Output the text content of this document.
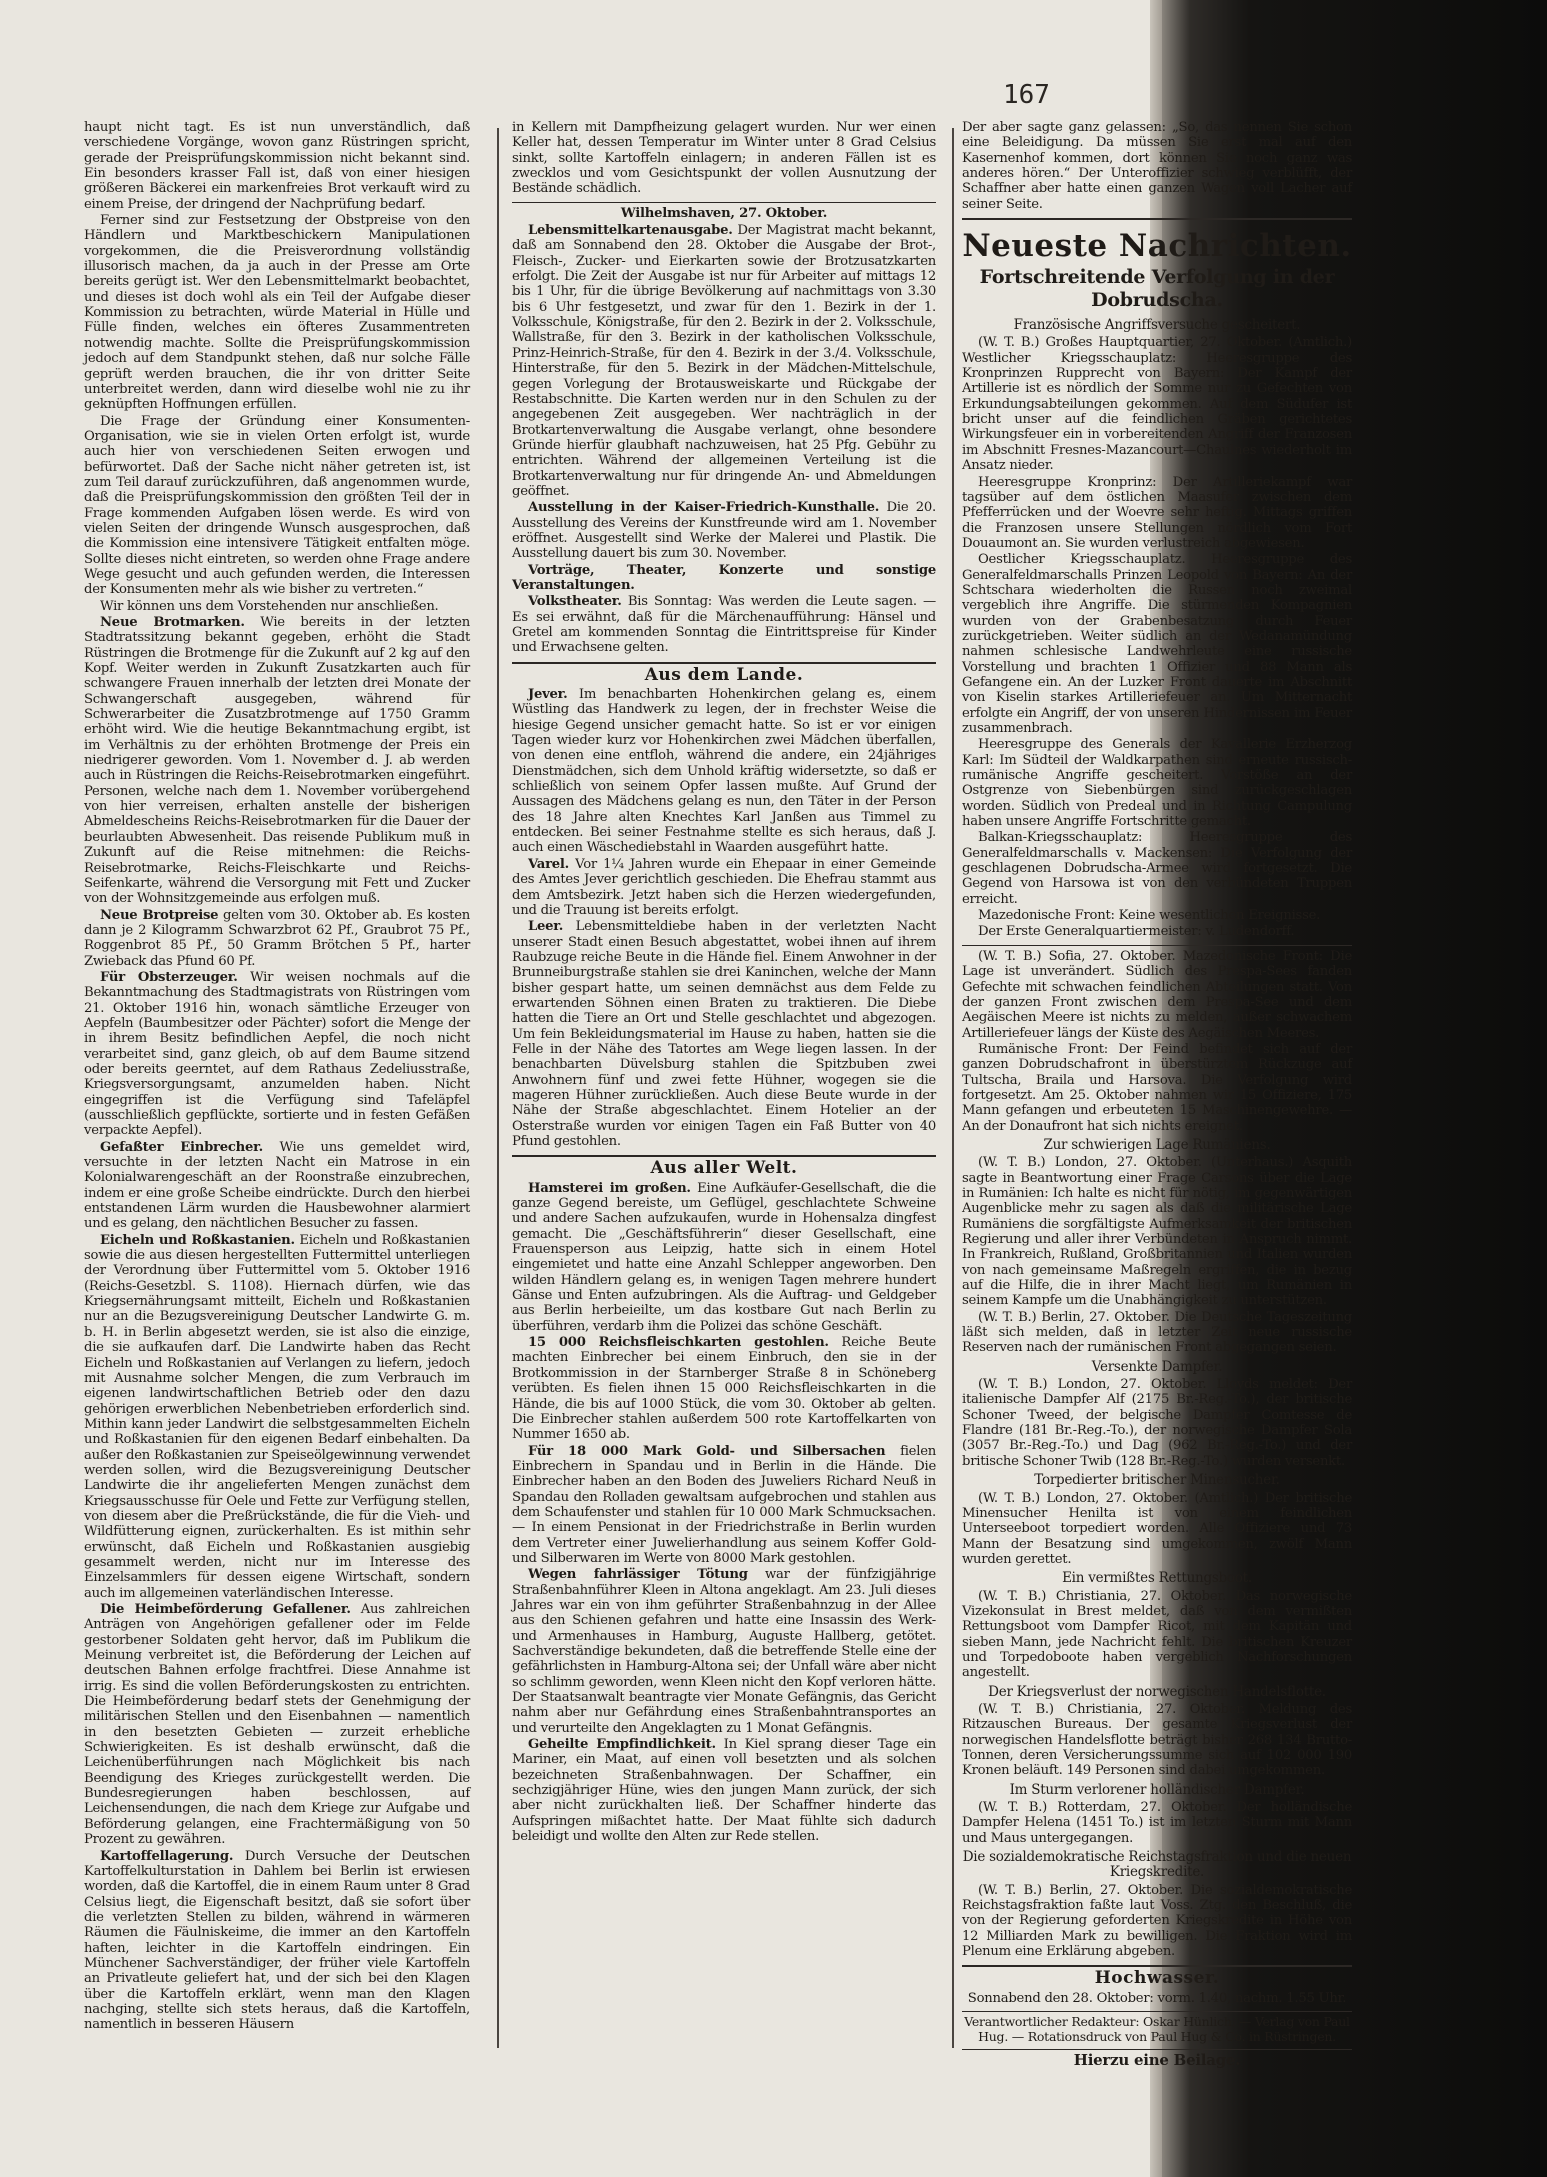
167

haupt nicht tagt. Es ist nun unverständlich, daß verschiedene Vorgänge, wovon ganz Rüstringen spricht, gerade der Preisprüfungskommission nicht bekannt sind. Ein besonders krasser Fall ist, daß von einer hiesigen größeren Bäckerei ein markenfreies Brot verkauft wird zu einem Preise, der dringend der Nachprüfung bedarf.

Ferner sind zur Festsetzung der Obstpreise von den Händlern und Marktbeschickern Manipulationen vorgekommen, die die Preisverordnung vollständig illusorisch machen, da ja auch in der Presse am Orte bereits gerügt ist. Wer den Lebensmittelmarkt beobachtet, und dieses ist doch wohl als ein Teil der Aufgabe dieser Kommission zu betrachten, würde Material in Hülle und Fülle finden, welches ein öfteres Zusammentreten notwendig machte. Sollte die Preisprüfungskommission jedoch auf dem Standpunkt stehen, daß nur solche Fälle geprüft werden brauchen, die ihr von dritter Seite unterbreitet werden, dann wird dieselbe wohl nie zu ihr geknüpften Hoffnungen erfüllen.

Die Frage der Gründung einer Konsumenten-Organisation, wie sie in vielen Orten erfolgt ist, wurde auch hier von verschiedenen Seiten erwogen und befürwortet. Daß der Sache nicht näher getreten ist, ist zum Teil darauf zurückzuführen, daß angenommen wurde, daß die Preisprüfungskommission den größten Teil der in Frage kommenden Aufgaben lösen werde. Es wird von vielen Seiten der dringende Wunsch ausgesprochen, daß die Kommission eine intensivere Tätigkeit entfalten möge. Sollte dieses nicht eintreten, so werden ohne Frage andere Wege gesucht und auch gefunden werden, die Interessen der Konsumenten mehr als wie bisher zu vertreten.“

Wir können uns dem Vorstehenden nur anschließen.

Neue Brotmarken. Wie bereits in der letzten Stadtratssitzung bekannt gegeben, erhöht die Stadt Rüstringen die Brotmenge für die Zukunft auf 2 kg auf den Kopf. Weiter werden in Zukunft Zusatzkarten auch für schwangere Frauen innerhalb der letzten drei Monate der Schwangerschaft ausgegeben, während für Schwerarbeiter die Zusatzbrotmenge auf 1750 Gramm erhöht wird. Wie die heutige Bekanntmachung ergibt, ist im Verhältnis zu der erhöhten Brotmenge der Preis ein niedrigerer geworden. Vom 1. November d. J. ab werden auch in Rüstringen die Reichs-Reisebrotmarken eingeführt. Personen, welche nach dem 1. November vorübergehend von hier verreisen, erhalten anstelle der bisherigen Abmeldescheins Reichs-Reisebrotmarken für die Dauer der beurlaubten Abwesenheit. Das reisende Publikum muß in Zukunft auf die Reise mitnehmen: die Reichs-Reisebrotmarke, Reichs-Fleischkarte und Reichs-Seifenkarte, während die Versorgung mit Fett und Zucker von der Wohnsitzgemeinde aus erfolgen muß.

Neue Brotpreise gelten vom 30. Oktober ab. Es kosten dann je 2 Kilogramm Schwarzbrot 62 Pf., Graubrot 75 Pf., Roggenbrot 85 Pf., 50 Gramm Brötchen 5 Pf., harter Zwieback das Pfund 60 Pf.

Für Obsterzeuger. Wir weisen nochmals auf die Bekanntmachung des Stadtmagistrats von Rüstringen vom 21. Oktober 1916 hin, wonach sämtliche Erzeuger von Aepfeln (Baumbesitzer oder Pächter) sofort die Menge der in ihrem Besitz befindlichen Aepfel, die noch nicht verarbeitet sind, ganz gleich, ob auf dem Baume sitzend oder bereits geerntet, auf dem Rathaus Zedeliusstraße, Kriegsversorgungsamt, anzumelden haben. Nicht eingegriffen ist die Verfügung sind Tafeläpfel (ausschließlich gepflückte, sortierte und in festen Gefäßen verpackte Aepfel).

Gefaßter Einbrecher. Wie uns gemeldet wird, versuchte in der letzten Nacht ein Matrose in ein Kolonialwarengeschäft an der Roonstraße einzubrechen, indem er eine große Scheibe eindrückte. Durch den hierbei entstandenen Lärm wurden die Hausbewohner alarmiert und es gelang, den nächtlichen Besucher zu fassen.

Eicheln und Roßkastanien. Eicheln und Roßkastanien sowie die aus diesen hergestellten Futtermittel unterliegen der Verordnung über Futtermittel vom 5. Oktober 1916 (Reichs-Gesetzbl. S. 1108). Hiernach dürfen, wie das Kriegsernährungsamt mitteilt, Eicheln und Roßkastanien nur an die Bezugsvereinigung Deutscher Landwirte G. m. b. H. in Berlin abgesetzt werden, sie ist also die einzige, die sie aufkaufen darf. Die Landwirte haben das Recht Eicheln und Roßkastanien auf Verlangen zu liefern, jedoch mit Ausnahme solcher Mengen, die zum Verbrauch im eigenen landwirtschaftlichen Betrieb oder den dazu gehörigen erwerblichen Nebenbetrieben erforderlich sind. Mithin kann jeder Landwirt die selbstgesammelten Eicheln und Roßkastanien für den eigenen Bedarf einbehalten. Da außer den Roßkastanien zur Speiseölgewinnung verwendet werden sollen, wird die Bezugsvereinigung Deutscher Landwirte die ihr angelieferten Mengen zunächst dem Kriegsausschusse für Oele und Fette zur Verfügung stellen, von diesem aber die Preßrückstände, die für die Vieh- und Wildfütterung eignen, zurückerhalten. Es ist mithin sehr erwünscht, daß Eicheln und Roßkastanien ausgiebig gesammelt werden, nicht nur im Interesse des Einzelsammlers für dessen eigene Wirtschaft, sondern auch im allgemeinen vaterländischen Interesse.

Die Heimbeförderung Gefallener. Aus zahlreichen Anträgen von Angehörigen gefallener oder im Felde gestorbener Soldaten geht hervor, daß im Publikum die Meinung verbreitet ist, die Beförderung der Leichen auf deutschen Bahnen erfolge frachtfrei. Diese Annahme ist irrig. Es sind die vollen Beförderungskosten zu entrichten. Die Heimbeförderung bedarf stets der Genehmigung der militärischen Stellen und den Eisenbahnen — namentlich in den besetzten Gebieten — zurzeit erhebliche Schwierigkeiten. Es ist deshalb erwünscht, daß die Leichenüberführungen nach Möglichkeit bis nach Beendigung des Krieges zurückgestellt werden. Die Bundesregierungen haben beschlossen, auf Leichensendungen, die nach dem Kriege zur Aufgabe und Beförderung gelangen, eine Frachtermäßigung von 50 Prozent zu gewähren.

Kartoffellagerung. Durch Versuche der Deutschen Kartoffelkulturstation in Dahlem bei Berlin ist erwiesen worden, daß die Kartoffel, die in einem Raum unter 8 Grad Celsius liegt, die Eigenschaft besitzt, daß sie sofort über die verletzten Stellen zu bilden, während in wärmeren Räumen die Fäulniskeime, die immer an den Kartoffeln haften, leichter in die Kartoffeln eindringen. Ein Münchener Sachverständiger, der früher viele Kartoffeln an Privatleute geliefert hat, und der sich bei den Klagen über die Kartoffeln erklärt, wenn man den Klagen nachging, stellte sich stets heraus, daß die Kartoffeln, namentlich in besseren Häusern

in Kellern mit Dampfheizung gelagert wurden. Nur wer einen Keller hat, dessen Temperatur im Winter unter 8 Grad Celsius sinkt, sollte Kartoffeln einlagern; in anderen Fällen ist es zwecklos und vom Gesichtspunkt der vollen Ausnutzung der Bestände schädlich.

Wilhelmshaven, 27. Oktober.

Lebensmittelkartenausgabe. Der Magistrat macht bekannt, daß am Sonnabend den 28. Oktober die Ausgabe der Brot-, Fleisch-, Zucker- und Eierkarten sowie der Brotzusatzkarten erfolgt. Die Zeit der Ausgabe ist nur für Arbeiter auf mittags 12 bis 1 Uhr, für die übrige Bevölkerung auf nachmittags von 3.30 bis 6 Uhr festgesetzt, und zwar für den 1. Bezirk in der 1. Volksschule, Königstraße, für den 2. Bezirk in der 2. Volksschule, Wallstraße, für den 3. Bezirk in der katholischen Volksschule, Prinz-Heinrich-Straße, für den 4. Bezirk in der 3./4. Volksschule, Hinterstraße, für den 5. Bezirk in der Mädchen-Mittelschule, gegen Vorlegung der Brotausweiskarte und Rückgabe der Restabschnitte. Die Karten werden nur in den Schulen zu der angegebenen Zeit ausgegeben. Wer nachträglich in der Brotkartenverwaltung die Ausgabe verlangt, ohne besondere Gründe hierfür glaubhaft nachzuweisen, hat 25 Pfg. Gebühr zu entrichten. Während der allgemeinen Verteilung ist die Brotkartenverwaltung nur für dringende An- und Abmeldungen geöffnet.

Ausstellung in der Kaiser-Friedrich-Kunsthalle. Die 20. Ausstellung des Vereins der Kunstfreunde wird am 1. November eröffnet. Ausgestellt sind Werke der Malerei und Plastik. Die Ausstellung dauert bis zum 30. November.

Vorträge, Theater, Konzerte und sonstige Veranstaltungen.

Volkstheater. Bis Sonntag: Was werden die Leute sagen. — Es sei erwähnt, daß für die Märchenaufführung: Hänsel und Gretel am kommenden Sonntag die Eintrittspreise für Kinder und Erwachsene gelten.

Aus dem Lande.

Jever. Im benachbarten Hohenkirchen gelang es, einem Wüstling das Handwerk zu legen, der in frechster Weise die hiesige Gegend unsicher gemacht hatte. So ist er vor einigen Tagen wieder kurz vor Hohenkirchen zwei Mädchen überfallen, von denen eine entfloh, während die andere, ein 24jähriges Dienstmädchen, sich dem Unhold kräftig widersetzte, so daß er schließlich von seinem Opfer lassen mußte. Auf Grund der Aussagen des Mädchens gelang es nun, den Täter in der Person des 18 Jahre alten Knechtes Karl Janßen aus Timmel zu entdecken. Bei seiner Festnahme stellte es sich heraus, daß J. auch einen Wäschediebstahl in Waarden ausgeführt hatte.

Varel. Vor 1¼ Jahren wurde ein Ehepaar in einer Gemeinde des Amtes Jever gerichtlich geschieden. Die Ehefrau stammt aus dem Amtsbezirk. Jetzt haben sich die Herzen wiedergefunden, und die Trauung ist bereits erfolgt.

Leer. Lebensmitteldiebe haben in der verletzten Nacht unserer Stadt einen Besuch abgestattet, wobei ihnen auf ihrem Raubzuge reiche Beute in die Hände fiel. Einem Anwohner in der Brunneiburgstraße stahlen sie drei Kaninchen, welche der Mann bisher gespart hatte, um seinen demnächst aus dem Felde zu erwartenden Söhnen einen Braten zu traktieren. Die Diebe hatten die Tiere an Ort und Stelle geschlachtet und abgezogen. Um fein Bekleidungsmaterial im Hause zu haben, hatten sie die Felle in der Nähe des Tatortes am Wege liegen lassen. In der benachbarten Düvelsburg stahlen die Spitzbuben zwei Anwohnern fünf und zwei fette Hühner, wogegen sie die mageren Hühner zurückließen. Auch diese Beute wurde in der Nähe der Straße abgeschlachtet. Einem Hotelier an der Osterstraße wurden vor einigen Tagen ein Faß Butter von 40 Pfund gestohlen.

Aus aller Welt.

Hamsterei im großen. Eine Aufkäufer-Gesellschaft, die die ganze Gegend bereiste, um Geflügel, geschlachtete Schweine und andere Sachen aufzukaufen, wurde in Hohensalza dingfest gemacht. Die „Geschäftsführerin“ dieser Gesellschaft, eine Frauensperson aus Leipzig, hatte sich in einem Hotel eingemietet und hatte eine Anzahl Schlepper angeworben. Den wilden Händlern gelang es, in wenigen Tagen mehrere hundert Gänse und Enten aufzubringen. Als die Auftrag- und Geldgeber aus Berlin herbeieilte, um das kostbare Gut nach Berlin zu überführen, verdarb ihm die Polizei das schöne Geschäft.

15 000 Reichsfleischkarten gestohlen. Reiche Beute machten Einbrecher bei einem Einbruch, den sie in der Brotkommission in der Starnberger Straße 8 in Schöneberg verübten. Es fielen ihnen 15 000 Reichsfleischkarten in die Hände, die bis auf 1000 Stück, die vom 30. Oktober ab gelten. Die Einbrecher stahlen außerdem 500 rote Kartoffelkarten von Nummer 1650 ab.

Für 18 000 Mark Gold- und Silbersachen fielen Einbrechern in Spandau und in Berlin in die Hände. Die Einbrecher haben an den Boden des Juweliers Richard Neuß in Spandau den Rolladen gewaltsam aufgebrochen und stahlen aus dem Schaufenster und stahlen für 10 000 Mark Schmucksachen. — In einem Pensionat in der Friedrichstraße in Berlin wurden dem Vertreter einer Juwelierhandlung aus seinem Koffer Gold- und Silberwaren im Werte von 8000 Mark gestohlen.

Wegen fahrlässiger Tötung war der fünfzigjährige Straßenbahnführer Kleen in Altona angeklagt. Am 23. Juli dieses Jahres war ein von ihm geführter Straßenbahnzug in der Allee aus den Schienen gefahren und hatte eine Insassin des Werk- und Armenhauses in Hamburg, Auguste Hallberg, getötet. Sachverständige bekundeten, daß die betreffende Stelle eine der gefährlichsten in Hamburg-Altona sei; der Unfall wäre aber nicht so schlimm geworden, wenn Kleen nicht den Kopf verloren hätte. Der Staatsanwalt beantragte vier Monate Gefängnis, das Gericht nahm aber nur Gefährdung eines Straßenbahntransportes an und verurteilte den Angeklagten zu 1 Monat Gefängnis.

Geheilte Empfindlichkeit. In Kiel sprang dieser Tage ein Mariner, ein Maat, auf einen voll besetzten und als solchen bezeichneten Straßenbahnwagen. Der Schaffner, ein sechzigjähriger Hüne, wies den jungen Mann zurück, der sich aber nicht zurückhalten ließ. Der Schaffner hinderte das Aufspringen mißachtet hatte. Der Maat fühlte sich dadurch beleidigt und wollte den Alten zur Rede stellen.

Der aber sagte ganz gelassen: „So, das nennen Sie schon eine Beleidigung. Da müssen Sie erst mal auf den Kasernenhof kommen, dort können Sie noch ganz was anderes hören.“ Der Unteroffizier schwieg verblüfft, der Schaffner aber hatte einen ganzen Wagen voll Lacher auf seiner Seite.

Neueste Nachrichten.
Fortschreitende Verfolgung in der Dobrudscha.
Französische Angriffsversuche gescheitert.

(W. T. B.) Großes Hauptquartier, 27. Oktober. (Amtlich.) Westlicher Kriegsschauplatz: Heeresgruppe des Kronprinzen Rupprecht von Bayern: Der Kampf der Artillerie ist es nördlich der Somme nur zu Gefechten von Erkundungsabteilungen gekommen. Auf dem Südufer ist bricht unser auf die feindlichen Gräben gerichtetes Wirkungsfeuer ein in vorbereitenden Angriff der Franzosen im Abschnitt Fresnes-Mazancourt—Chaulnes wiederholt im Ansatz nieder.

Heeresgruppe Kronprinz: Der Artilleriekampf war tagsüber auf dem östlichen Maasufer zwischen dem Pfefferrücken und der Woevre sehr heftig. Mittags griffen die Franzosen unsere Stellungen nördlich vom Fort Douaumont an. Sie wurden verlustreich abgewiesen.

Oestlicher Kriegsschauplatz. Heeresgruppe des Generalfeldmarschalls Prinzen Leopold von Bayern: An der Schtschara wiederholten die Russen noch zweimal vergeblich ihre Angriffe. Die stürmenden Kompagnien wurden von der Grabenbesatzung durch Feuer zurückgetrieben. Weiter südlich an der Wedanamündung nahmen schlesische Landwehrleute eine russische Vorstellung und brachten 1 Offizier und 88 Mann als Gefangene ein. An der Luzker Front dauerte im Abschnitt von Kiselin starkes Artilleriefeuer an. Um Mitternacht erfolgte ein Angriff, der von unseren Hindernissen im Feuer zusammenbrach.

Heeresgruppe des Generals der Kavallerie Erzherzog Karl: Im Südteil der Waldkarpathen sind erneute russisch-rumänische Angriffe gescheitert. Vorstöße an der Ostgrenze von Siebenbürgen sind zurückgeschlagen worden. Südlich von Predeal und in Richtung Campulung haben unsere Angriffe Fortschritte gemacht.

Balkan-Kriegsschauplatz: Heeresgruppe des Generalfeldmarschalls v. Mackensen: Die Verfolgung der geschlagenen Dobrudscha-Armee wird fortgesetzt. Die Gegend von Harsowa ist von den verbündeten Truppen erreicht.

Mazedonische Front: Keine wesentlichen Ereignisse.

Der Erste Generalquartiermeister: v. Ludendorff.

(W. T. B.) Sofia, 27. Oktober. Mazedonische Front: Die Lage ist unverändert. Südlich des Prespa-Sees fanden Gefechte mit schwachen feindlichen Abteilungen statt. Von der ganzen Front zwischen dem Prespa-See und dem Aegäischen Meere ist nichts zu melden, außer schwachem Artilleriefeuer längs der Küste des Aegäischen Meeres.

Rumänische Front: Der Feind befindet sich auf der ganzen Dobrudschafront in überstürztem Rückzuge auf Tultscha, Braila und Harsova. Die Verfolgung wird fortgesetzt. Am 25. Oktober nahmen wir 15 Offiziere, 175 Mann gefangen und erbeuteten 15 Maschinengewehre. — An der Donaufront hat sich nichts ereignet.

Zur schwierigen Lage Rumäniens.

(W. T. B.) London, 27. Oktober. (Unterhaus.) Asquith sagte in Beantwortung einer Frage Carsons über die Lage in Rumänien: Ich halte es nicht für nötig, im gegenwärtigen Augenblicke mehr zu sagen als daß die militärische Lage Rumäniens die sorgfältigste Aufmerksamkeit der britischen Regierung und aller ihrer Verbündeten in Anspruch nimmt. In Frankreich, Rußland, Großbritannien und Italien wurden von nach gemeinsame Maßregeln ergriffen, die in bezug auf die Hilfe, die in ihrer Macht liegt, um Rumänien in seinem Kampfe um die Unabhängigkeit zu unterstützen.

(W. T. B.) Berlin, 27. Oktober. Die Deutsche Tageszeitung läßt sich melden, daß in letzter Zeit neue russische Reserven nach der rumänischen Front abgegangen seien.

Versenkte Dampfer.

(W. T. B.) London, 27. Oktober. Lloyds meldet: Der italienische Dampfer Alf (2175 Br.-Reg.-To.), der britische Schoner Tweed, der belgische Dampfer Comtesse de Flandre (181 Br.-Reg.-To.), der norwegische Dampfer Sola (3057 Br.-Reg.-To.) und Dag (962 Br.-Reg.-To.) und der britische Schoner Twib (128 Br.-Reg.-To.) wurden versenkt.

Torpedierter britischer Minensucher.

(W. T. B.) London, 27. Oktober. (Amtlich.) Der britische Minensucher Henilta ist von einem feindlichen Unterseeboot torpediert worden. Alle Offiziere und 73 Mann der Besatzung sind umgekommen, zwölf Mann wurden gerettet.

Ein vermißtes Rettungsboot.

(W. T. B.) Christiania, 27. Oktober. Das norwegische Vizekonsulat in Brest meldet, daß von dem vermißten Rettungsboot vom Dampfer Ricot, mit dem Kapitän und sieben Mann, jede Nachricht fehlt. Die britischen Kreuzer und Torpedoboote haben vergeblich Nachforschungen angestellt.

Der Kriegsverlust der norwegischen Handelsflotte.

(W. T. B.) Christiania, 27. Oktober. Meldung des Ritzauschen Bureaus. Der gesamte Kriegsverlust der norwegischen Handelsflotte beträgt bisher 268 134 Brutto-Tonnen, deren Versicherungssumme sich auf 102 000 190 Kronen beläuft. 149 Personen sind dabei umgekommen.

Im Sturm verlorener holländischer Dampfer.

(W. T. B.) Rotterdam, 27. Oktober. Der holländische Dampfer Helena (1451 To.) ist im letzten Sturm mit Mann und Maus untergegangen.

Die sozialdemokratische Reichstagsfraktion und die neuen Kriegskredite.

(W. T. B.) Berlin, 27. Oktober. Die sozialdemokratische Reichstagsfraktion faßte laut Voss. Ztg. den Beschluß, die von der Regierung geforderten Kriegskredite in Höhe von 12 Milliarden Mark zu bewilligen. Die Fraktion wird im Plenum eine Erklärung abgeben.

Hochwasser.
Sonnabend den 28. Oktober: vorm. 1.40, nachm. 1.55 Uhr.
Verantwortlicher Redakteur: Oskar Hünlich. — Verlag von Paul Hug. — Rotationsdruck von Paul Hug & Co. in Rüstringen.
Hierzu eine Beilage.
